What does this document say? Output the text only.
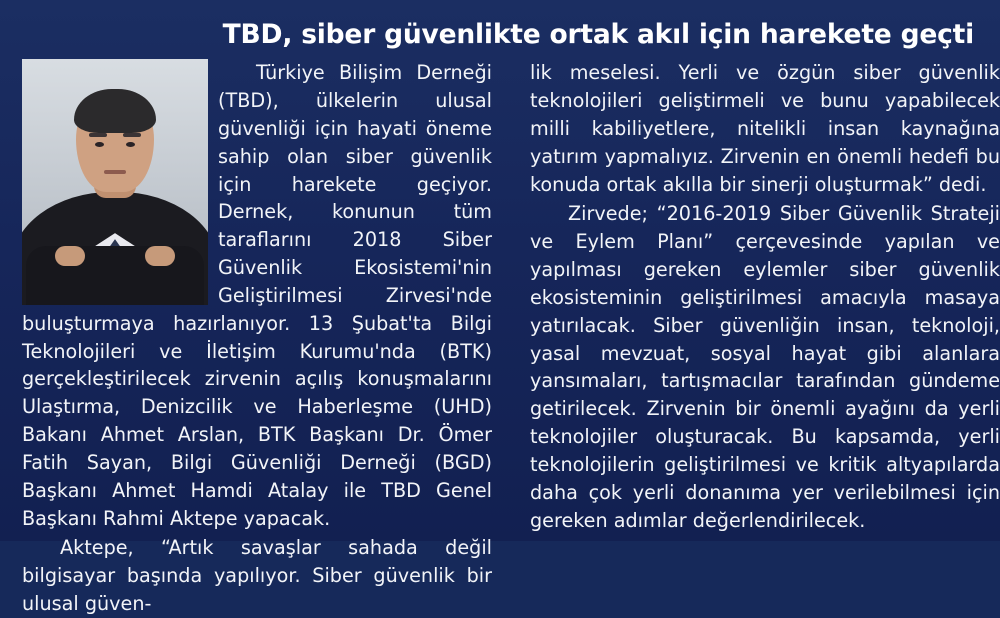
TBD, siber güvenlikte ortak akıl için harekete geçti

Türkiye Bilişim Derneği (TBD), ülkelerin ulusal güvenliği için hayati öneme sahip olan siber güvenlik için harekete geçiyor. Dernek, konunun tüm taraflarını 2018 Siber Güvenlik Ekosistemi'nin Geliştirilmesi Zirvesi'nde buluşturmaya hazırlanıyor. 13 Şubat'ta Bilgi Teknolojileri ve İletişim Kurumu'nda (BTK) gerçekleştirilecek zirvenin açılış konuşmalarını Ulaştırma, Denizcilik ve Haberleşme (UHD) Bakanı Ahmet Arslan, BTK Başkanı Dr. Ömer Fatih Sayan, Bilgi Güvenliği Derneği (BGD) Başkanı Ahmet Hamdi Atalay ile TBD Genel Başkanı Rahmi Aktepe yapacak.

Aktepe, “Artık savaşlar sahada değil bilgisayar başında yapılıyor. Siber güvenlik bir ulusal güven-

lik meselesi. Yerli ve özgün siber güvenlik teknolojileri geliştirmeli ve bunu yapabilecek milli kabiliyetlere, nitelikli insan kaynağına yatırım yapmalıyız. Zirvenin en önemli hedefi bu konuda ortak akılla bir sinerji oluşturmak” dedi.

Zirvede; “2016-2019 Siber Güvenlik Strateji ve Eylem Planı” çerçevesinde yapılan ve yapılması gereken eylemler siber güvenlik ekosisteminin geliştirilmesi amacıyla masaya yatırılacak. Siber güvenliğin insan, teknoloji, yasal mevzuat, sosyal hayat gibi alanlara yansımaları, tartışmacılar tarafından gündeme getirilecek. Zirvenin bir önemli ayağını da yerli teknolojiler oluşturacak. Bu kapsamda, yerli teknolojilerin geliştirilmesi ve kritik altyapılarda daha çok yerli donanıma yer verilebilmesi için gereken adımlar değerlendirilecek.
